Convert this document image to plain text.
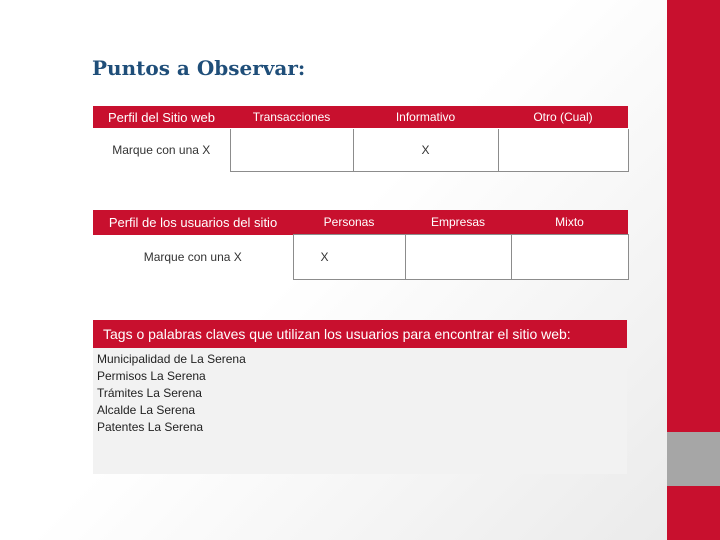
Puntos a Observar:
Perfil del Sitio web	Transacciones	Informativo	Otro (Cual)
Marque con una X		X	
Perfil de los usuarios del sitio	Personas	Empresas	Mixto
Marque con una X	X		
Tags o palabras claves que utilizan los usuarios para encontrar el sitio web:
Municipalidad de La Serena
Permisos La Serena
Trámites La Serena
Alcalde La Serena
Patentes La Serena
